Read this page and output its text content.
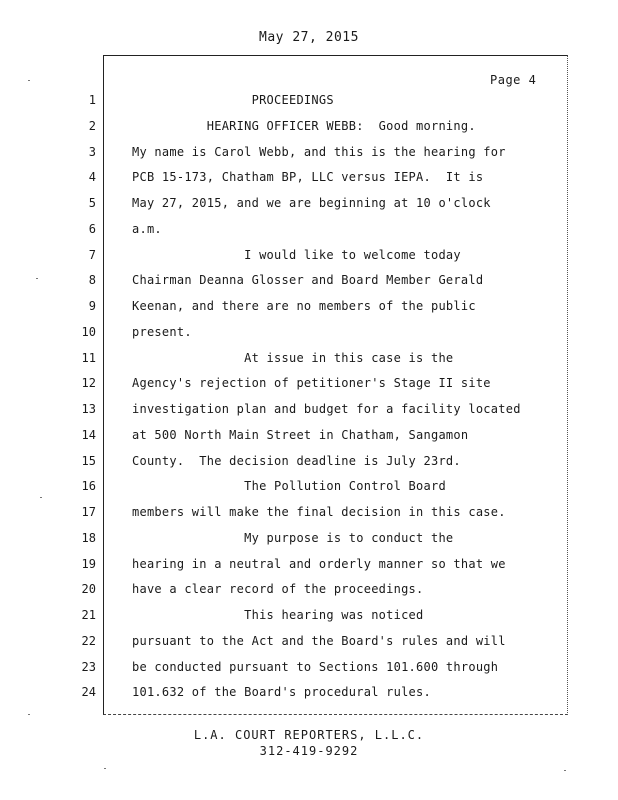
May 27, 2015
Page 4
1	PROCEEDINGS
2	HEARING OFFICER WEBB:  Good morning.
3	My name is Carol Webb, and this is the hearing for
4	PCB 15-173, Chatham BP, LLC versus IEPA.  It is
5	May 27, 2015, and we are beginning at 10 o'clock
6	a.m.
7	I would like to welcome today
8	Chairman Deanna Glosser and Board Member Gerald
9	Keenan, and there are no members of the public
10	present.
11	At issue in this case is the
12	Agency's rejection of petitioner's Stage II site
13	investigation plan and budget for a facility located
14	at 500 North Main Street in Chatham, Sangamon
15	County.  The decision deadline is July 23rd.
16	The Pollution Control Board
17	members will make the final decision in this case.
18	My purpose is to conduct the
19	hearing in a neutral and orderly manner so that we
20	have a clear record of the proceedings.
21	This hearing was noticed
22	pursuant to the Act and the Board's rules and will
23	be conducted pursuant to Sections 101.600 through
24	101.632 of the Board's procedural rules.
L.A. COURT REPORTERS, L.L.C.
312-419-9292
